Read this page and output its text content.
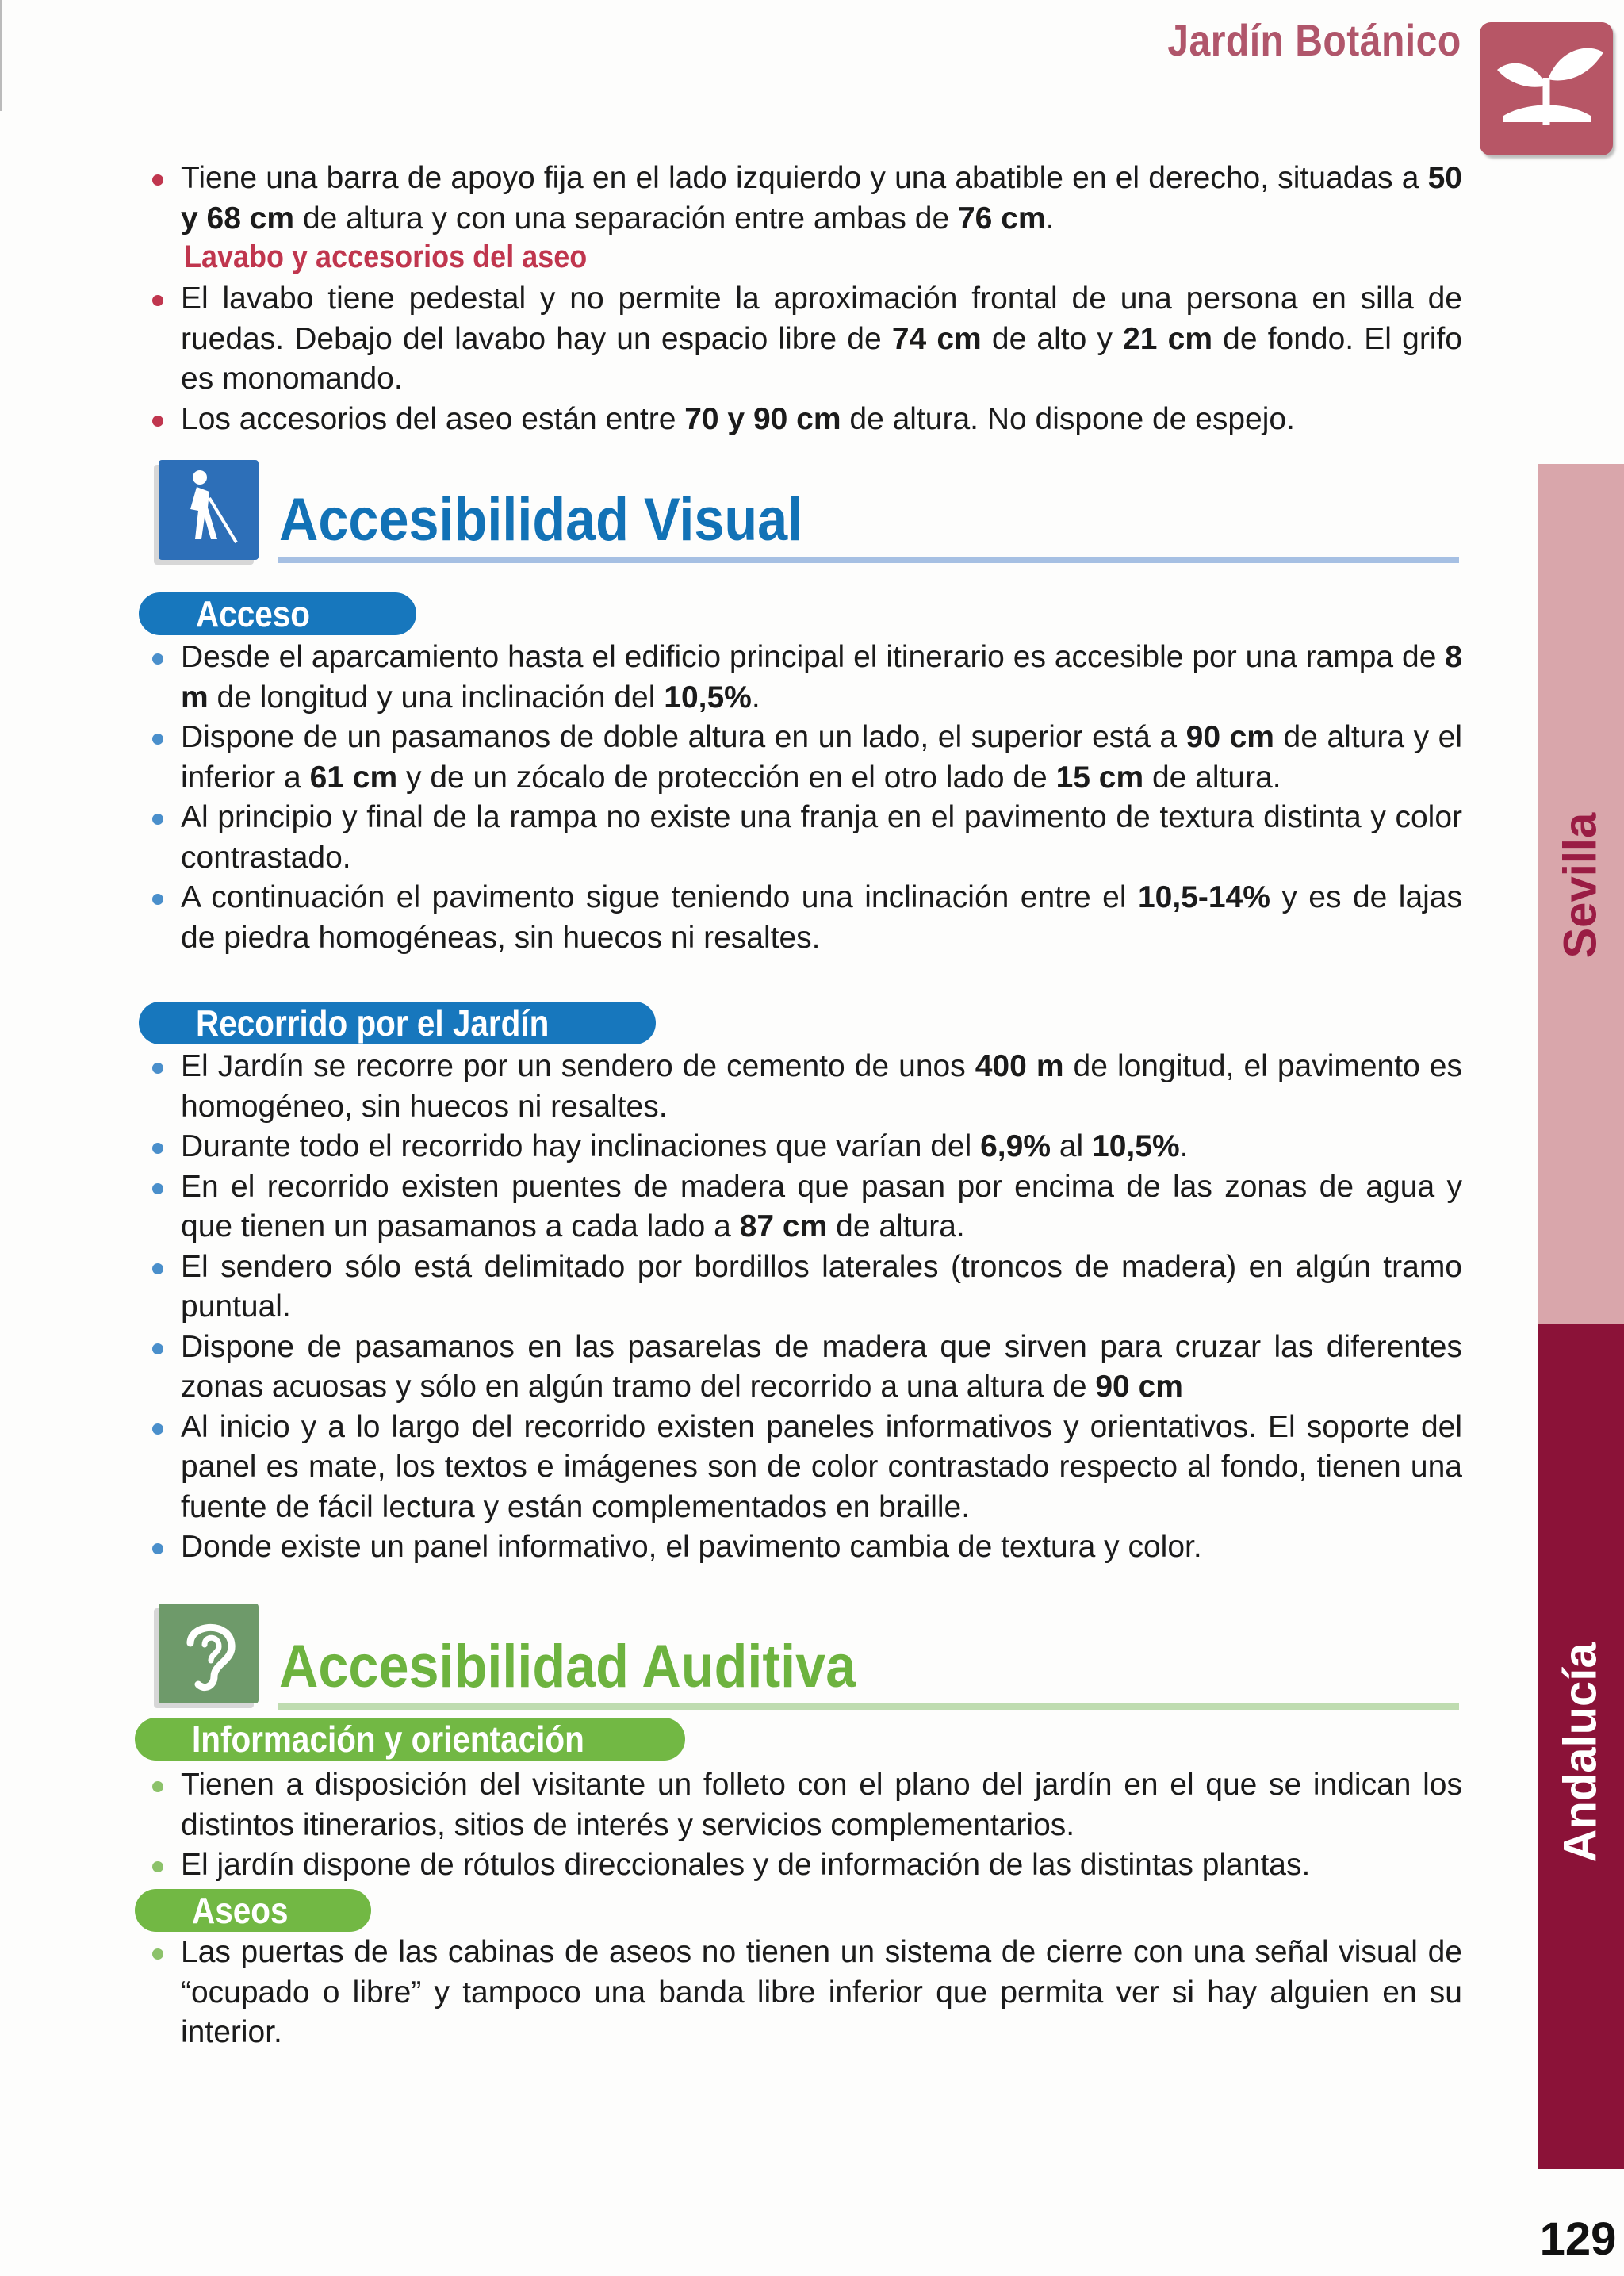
Jardín Botánico
Sevilla
Andalucía
129
Tiene una barra de apoyo fija en el lado izquierdo y una abatible en el derecho, situadas a 50 y 68 cm de altura y con una separación entre ambas de 76 cm.
Lavabo y accesorios del aseo
El lavabo tiene pedestal y no permite la aproximación frontal de una persona en silla de ruedas. Debajo del lavabo hay un espacio libre de 74 cm de alto y 21 cm de fondo. El grifo es monomando.
Los accesorios del aseo están entre 70 y 90 cm de altura. No dispone de espejo.
Accesibilidad Visual
Acceso
Desde el aparcamiento hasta el edificio principal el itinerario es accesible por una rampa de 8 m de longitud y una inclinación del 10,5%.
Dispone de un pasamanos de doble altura en un lado, el superior está a 90 cm de altura y el inferior a 61 cm y de un zócalo de protección en el otro lado de 15 cm de altura.
Al principio y final de la rampa no existe una franja en el pavimento de textura distinta y color contrastado.
A continuación el pavimento sigue teniendo una inclinación entre el 10,5-14% y es de lajas de piedra homogéneas, sin huecos ni resaltes.
Recorrido por el Jardín
El Jardín se recorre por un sendero de cemento de unos 400 m de longitud, el pavimento es homogéneo, sin huecos ni resaltes.
Durante todo el recorrido hay inclinaciones que varían del 6,9% al 10,5%.
En el recorrido existen puentes de madera que pasan por encima de las zonas de agua y que tienen un pasamanos a cada lado a 87 cm de altura.
El sendero sólo está delimitado por bordillos laterales (troncos de madera) en algún tramo puntual.
Dispone de pasamanos en las pasarelas de madera que sirven para cruzar las diferentes zonas acuosas y sólo en algún tramo del recorrido a una altura de 90 cm
Al inicio y a lo largo del recorrido existen paneles informativos y orientativos. El soporte del panel es mate, los textos e imágenes son de color contrastado respecto al fondo, tienen una fuente de fácil lectura y están complementados en braille.
Donde existe un panel informativo, el pavimento cambia de textura y color.
Accesibilidad Auditiva
Información y orientación
Tienen a disposición del visitante un folleto con el plano del jardín en el que se indican los distintos itinerarios, sitios de interés y servicios complementarios.
El jardín dispone de rótulos direccionales y de información de las distintas plantas.
Aseos
Las puertas de las cabinas de aseos no tienen un sistema de cierre con una señal visual de “ocupado o libre” y tampoco una banda libre inferior que permita ver si hay alguien en su interior.
